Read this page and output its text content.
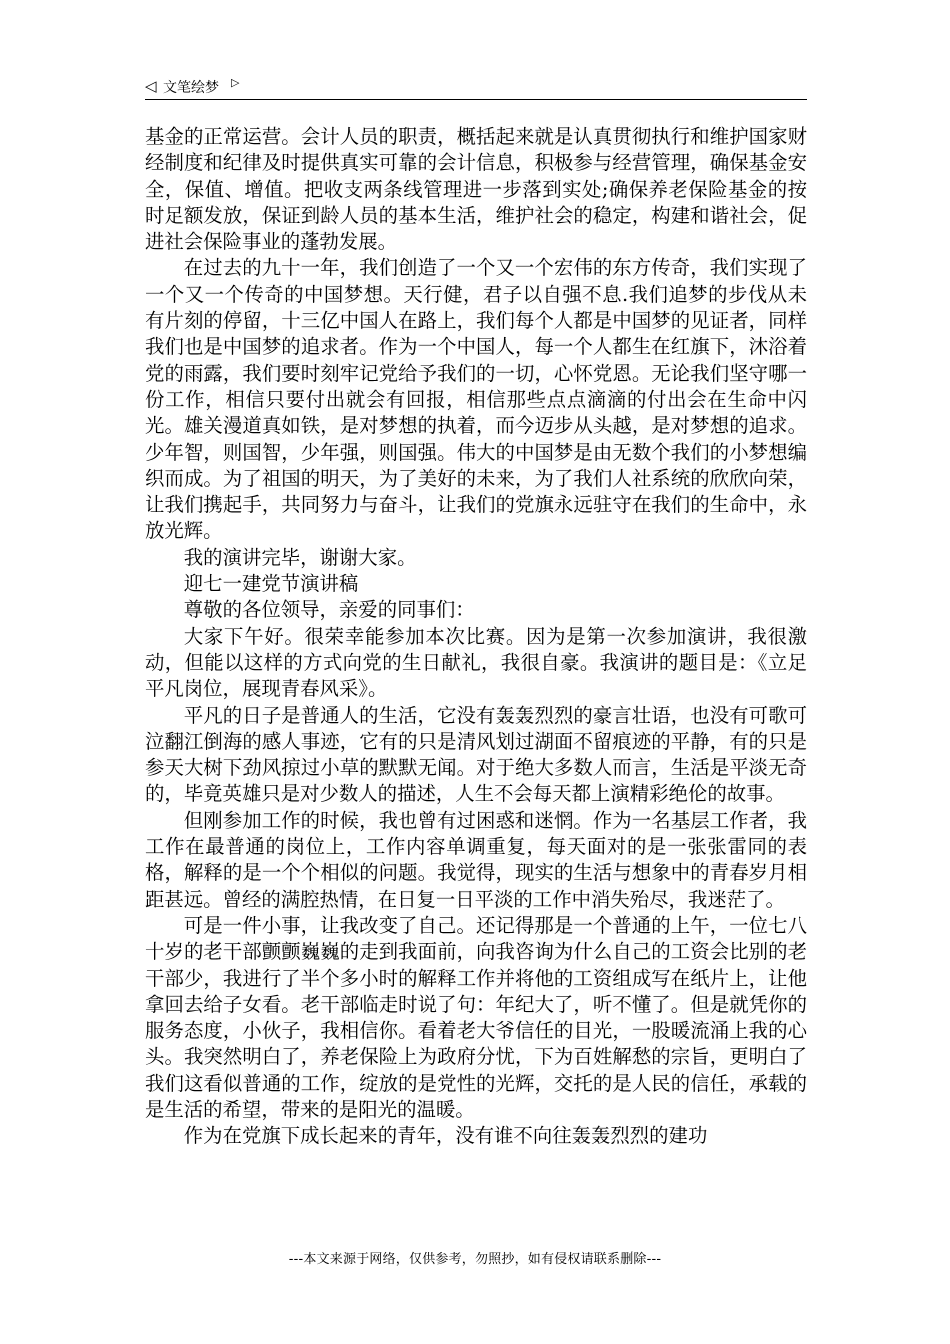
◁ 文笔绘梦 ▷

基金的正常运营。会计人员的职责，概括起来就是认真贯彻执行和维护国家财经制度和纪律及时提供真实可靠的会计信息，积极参与经营管理，确保基金安全，保值、增值。把收支两条线管理进一步落到实处;确保养老保险基金的按时足额发放，保证到龄人员的基本生活，维护社会的稳定，构建和谐社会，促进社会保险事业的蓬勃发展。

在过去的九十一年，我们创造了一个又一个宏伟的东方传奇，我们实现了一个又一个传奇的中国梦想。天行健，君子以自强不息.我们追梦的步伐从未有片刻的停留，十三亿中国人在路上，我们每个人都是中国梦的见证者，同样我们也是中国梦的追求者。作为一个中国人，每一个人都生在红旗下，沐浴着党的雨露，我们要时刻牢记党给予我们的一切，心怀党恩。无论我们坚守哪一份工作，相信只要付出就会有回报，相信那些点点滴滴的付出会在生命中闪光。雄关漫道真如铁，是对梦想的执着，而今迈步从头越，是对梦想的追求。少年智，则国智，少年强，则国强。伟大的中国梦是由无数个我们的小梦想编织而成。为了祖国的明天，为了美好的未来，为了我们人社系统的欣欣向荣，让我们携起手，共同努力与奋斗，让我们的党旗永远驻守在我们的生命中，永放光辉。

我的演讲完毕，谢谢大家。

迎七一建党节演讲稿

尊敬的各位领导，亲爱的同事们：

大家下午好。很荣幸能参加本次比赛。因为是第一次参加演讲，我很激动，但能以这样的方式向党的生日献礼，我很自豪。我演讲的题目是：《立足平凡岗位，展现青春风采》。

平凡的日子是普通人的生活，它没有轰轰烈烈的豪言壮语，也没有可歌可泣翻江倒海的感人事迹，它有的只是清风划过湖面不留痕迹的平静，有的只是参天大树下劲风掠过小草的默默无闻。对于绝大多数人而言，生活是平淡无奇的，毕竟英雄只是对少数人的描述，人生不会每天都上演精彩绝伦的故事。

但刚参加工作的时候，我也曾有过困惑和迷惘。作为一名基层工作者，我工作在最普通的岗位上，工作内容单调重复，每天面对的是一张张雷同的表格，解释的是一个个相似的问题。我觉得，现实的生活与想象中的青春岁月相距甚远。曾经的满腔热情，在日复一日平淡的工作中消失殆尽，我迷茫了。

可是一件小事，让我改变了自己。还记得那是一个普通的上午，一位七八十岁的老干部颤颤巍巍的走到我面前，向我咨询为什么自己的工资会比别的老干部少，我进行了半个多小时的解释工作并将他的工资组成写在纸片上，让他拿回去给子女看。老干部临走时说了句：年纪大了，听不懂了。但是就凭你的服务态度，小伙子，我相信你。看着老大爷信任的目光，一股暖流涌上我的心头。我突然明白了，养老保险上为政府分忧，下为百姓解愁的宗旨，更明白了我们这看似普通的工作，绽放的是党性的光辉，交托的是人民的信任，承载的是生活的希望，带来的是阳光的温暖。

作为在党旗下成长起来的青年，没有谁不向往轰轰烈烈的建功

---本文来源于网络，仅供参考，勿照抄，如有侵权请联系删除---
